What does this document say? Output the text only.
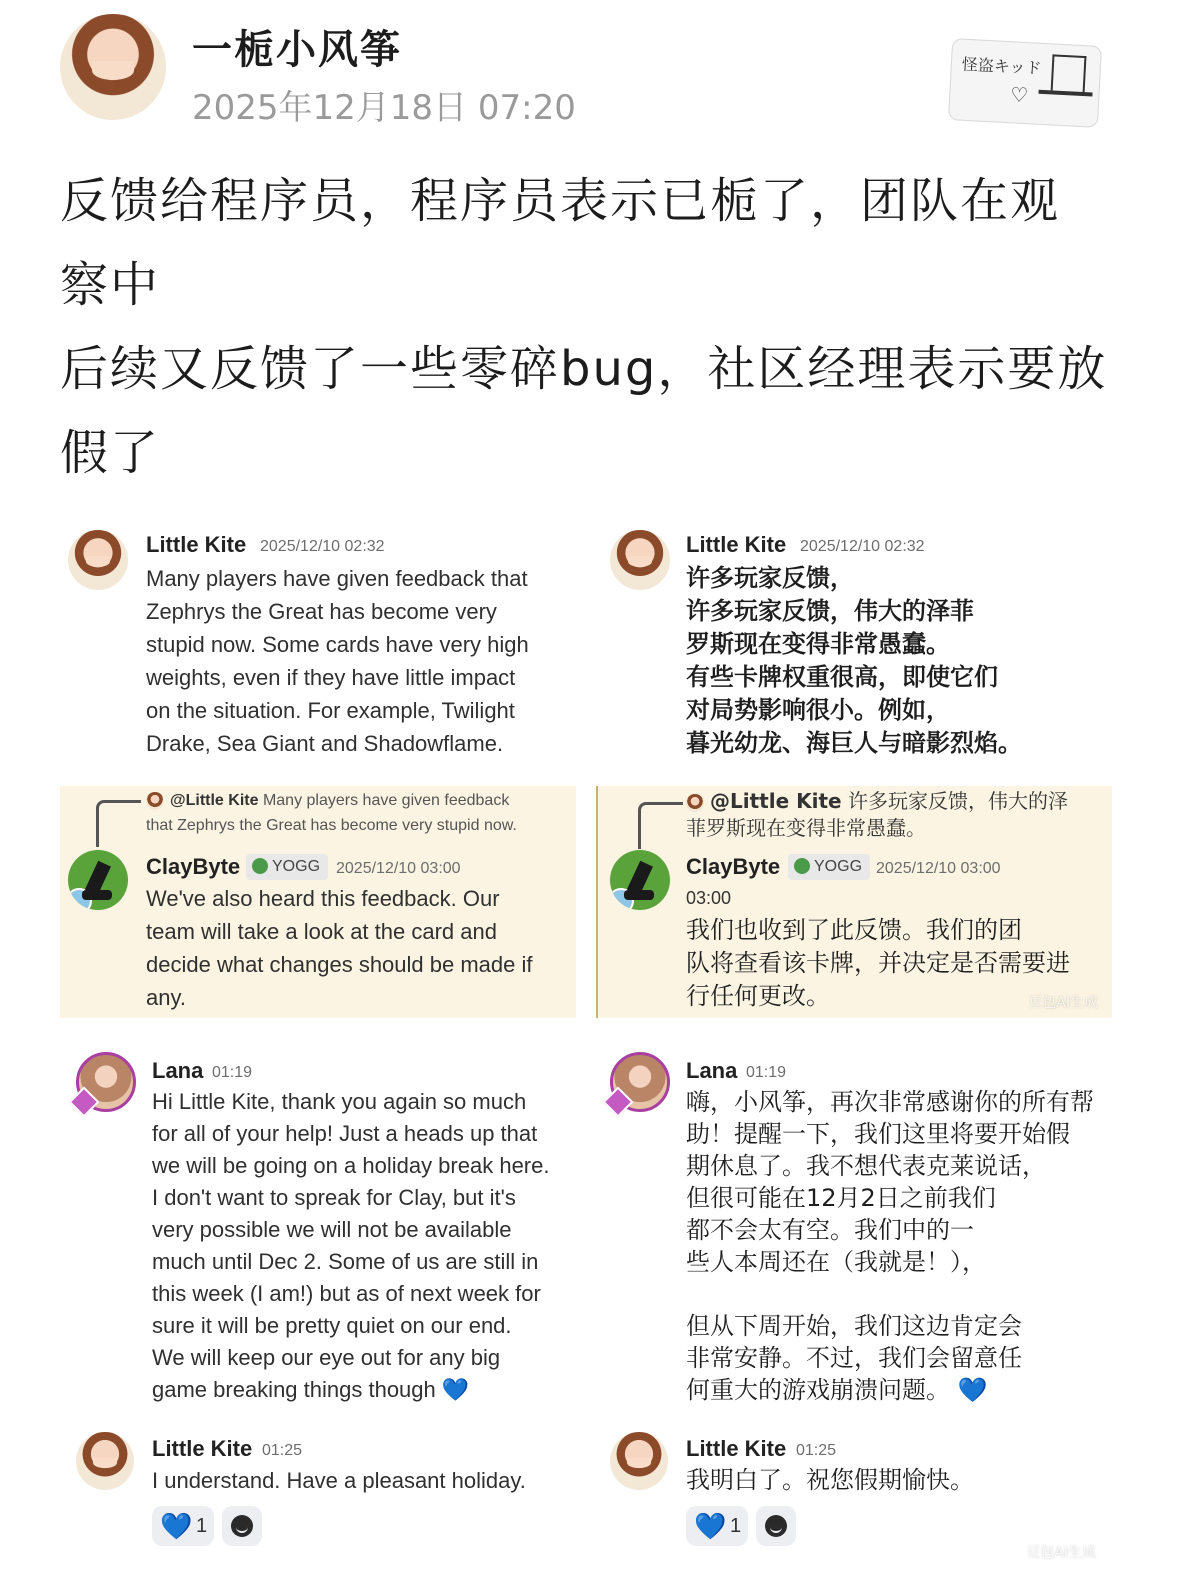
一栀小风筝
2025年12月18日 07:20
怪盗キッド
♡
反馈给程序员，程序员表示已栀了，团队在观
察中
后续又反馈了一些零碎bug，社区经理表示要放
假了
Little Kite 2025/12/10 02:32
Many players have given feedback that
Zephrys the Great has become very
stupid now. Some cards have very high
weights, even if they have little impact
on the situation. For example, Twilight
Drake, Sea Giant and Shadowflame.
@Little Kite Many players have given feedback
that Zephrys the Great has become very stupid now.
ClayByte	YOGG 2025/12/10 03:00
We've also heard this feedback. Our
team will take a look at the card and
decide what changes should be made if
any.
Little Kite 2025/12/10 02:32
许多玩家反馈，
许多玩家反馈，伟大的泽菲
罗斯现在变得非常愚蠢。
有些卡牌权重很高，即使它们
对局势影响很小。例如，
暮光幼龙、海巨人与暗影烈焰。
@Little Kite 许多玩家反馈，伟大的泽
菲罗斯现在变得非常愚蠢。
ClayByte	YOGG 2025/12/10 03:00
03:00
我们也收到了此反馈。我们的团
队将查看该卡牌，并决定是否需要进
行任何更改。	豆包AI生成
Lana 01:19
Hi Little Kite, thank you again so much
for all of your help! Just a heads up that
we will be going on a holiday break here.
I don't want to spreak for Clay, but it's
very possible we will not be available
much until Dec 2. Some of us are still in
this week (I am!) but as of next week for
sure it will be pretty quiet on our end.
We will keep our eye out for any big
game breaking things though 💙
Little Kite 01:25
I understand. Have a pleasant holiday.
💙 1
Lana 01:19
嗨，小风筝，再次非常感谢你的所有帮
助！提醒一下，我们这里将要开始假
期休息了。我不想代表克莱说话，
但很可能在12月2日之前我们
都不会太有空。我们中的一
些人本周还在（我就是！），
但从下周开始，我们这边肯定会
非常安静。不过，我们会留意任
何重大的游戏崩溃问题。 💙
Little Kite 01:25
我明白了。祝您假期愉快。
💙 1
豆包AI生成
